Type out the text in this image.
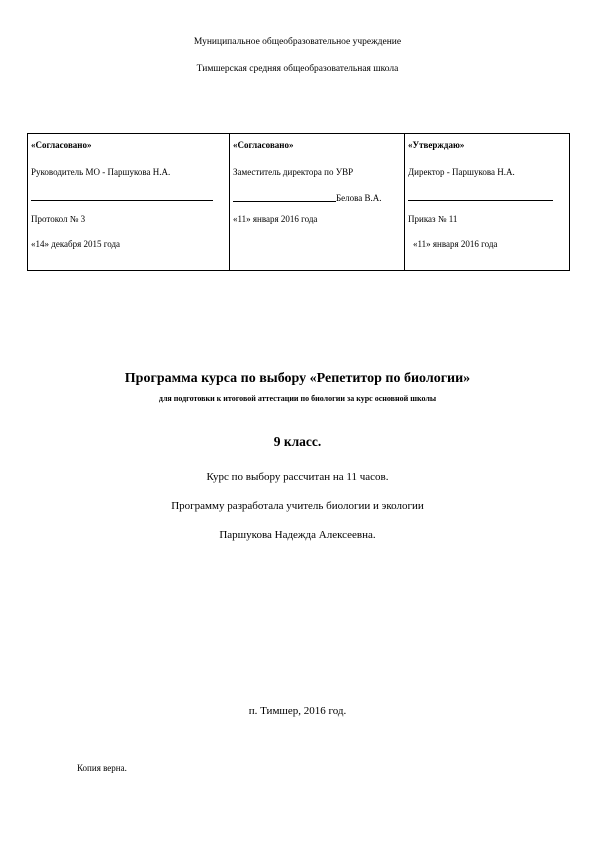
Муниципальное общеобразовательное учреждение
Тимшерская средняя общеобразовательная школа
«Согласовано»
Руководитель МО - Паршукова Н.А.
Протокол № 3
«14» декабря 2015 года
«Согласовано»
Заместитель директора по УВР
Белова В.А.
«11» января 2016 года
«Утверждаю»
Директор - Паршукова Н.А.
Приказ № 11
«11» января 2016 года
Программа курса по выбору «Репетитор по биологии»
для подготовки к итоговой аттестации по биологии за курс основной школы
9 класс.
Курс по выбору рассчитан на 11 часов.
Программу разработала учитель биологии и экологии
Паршукова Надежда Алексеевна.
п. Тимшер, 2016 год.
Копия верна.
